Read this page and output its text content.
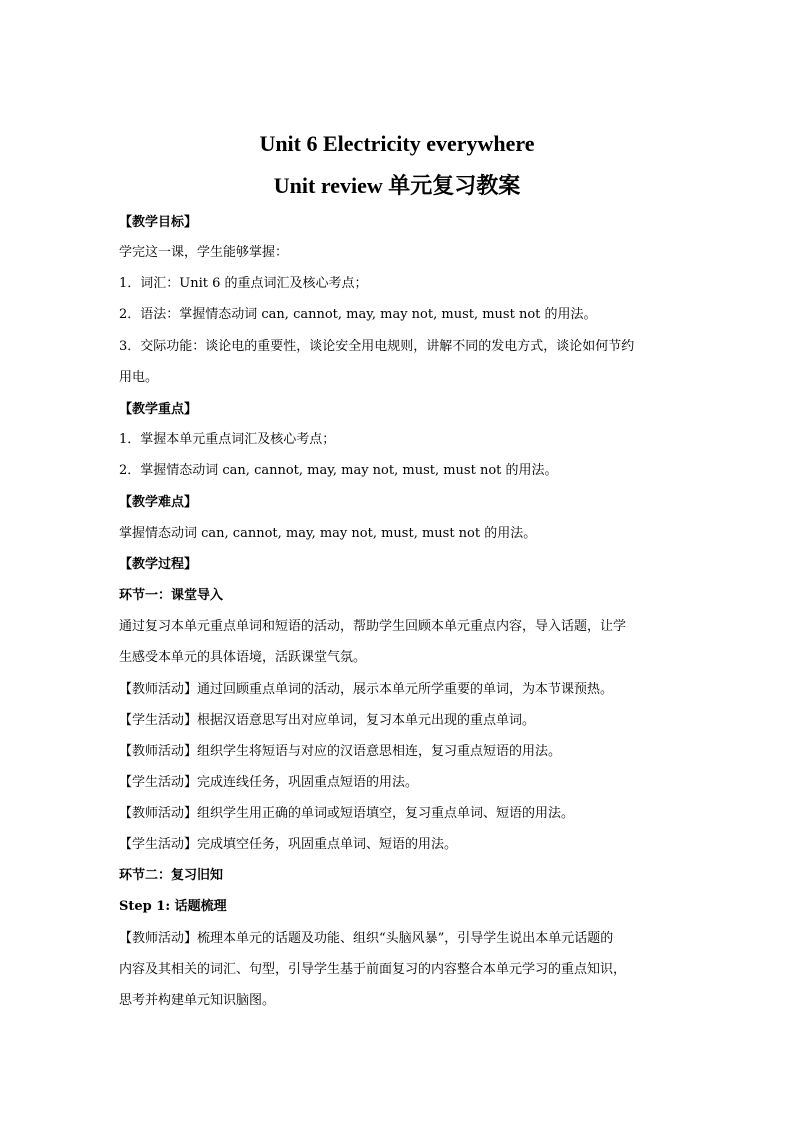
Unit 6 Electricity everywhere
Unit review 单元复习教案
【教学目标】
学完这一课，学生能够掌握：
1．词汇：Unit 6 的重点词汇及核心考点；
2．语法：掌握情态动词 can, cannot, may, may not, must, must not 的用法。
3．交际功能：谈论电的重要性，谈论安全用电规则，讲解不同的发电方式，谈论如何节约
用电。
【教学重点】
1．掌握本单元重点词汇及核心考点；
2．掌握情态动词 can, cannot, may, may not, must, must not 的用法。
【教学难点】
掌握情态动词 can, cannot, may, may not, must, must not 的用法。
【教学过程】
环节一：课堂导入
通过复习本单元重点单词和短语的活动，帮助学生回顾本单元重点内容，导入话题，让学
生感受本单元的具体语境，活跃课堂气氛。
【教师活动】通过回顾重点单词的活动，展示本单元所学重要的单词，为本节课预热。
【学生活动】根据汉语意思写出对应单词，复习本单元出现的重点单词。
【教师活动】组织学生将短语与对应的汉语意思相连，复习重点短语的用法。
【学生活动】完成连线任务，巩固重点短语的用法。
【教师活动】组织学生用正确的单词或短语填空，复习重点单词、短语的用法。
【学生活动】完成填空任务，巩固重点单词、短语的用法。
环节二：复习旧知
Step 1: 话题梳理
【教师活动】梳理本单元的话题及功能、组织“头脑风暴”，引导学生说出本单元话题的
内容及其相关的词汇、句型，引导学生基于前面复习的内容整合本单元学习的重点知识，
思考并构建单元知识脑图。
